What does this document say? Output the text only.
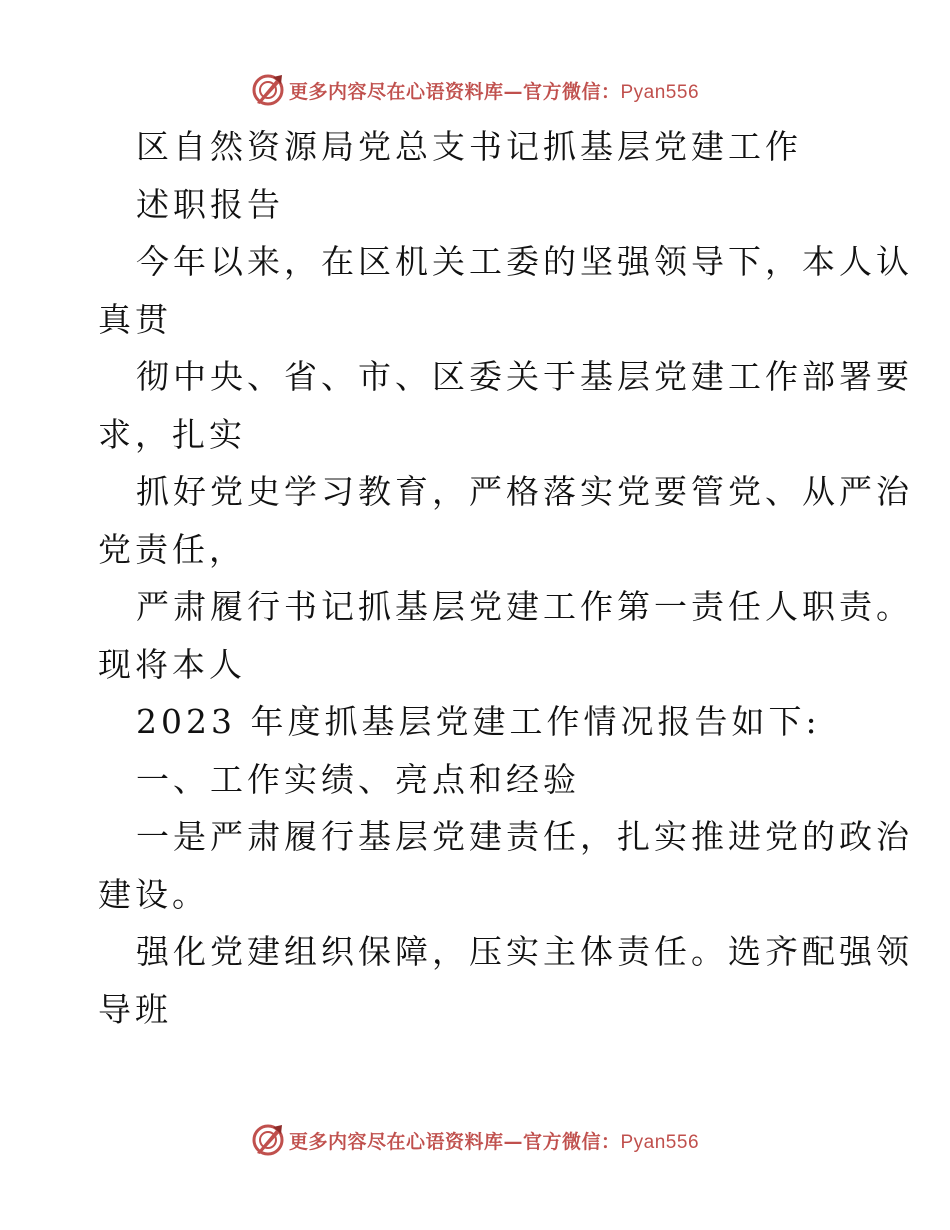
更多内容尽在心语资料库—官方微信：Pyan556
区自然资源局党总支书记抓基层党建工作
述职报告
今年以来，在区机关工委的坚强领导下，本人认
真贯
彻中央、省、市、区委关于基层党建工作部署要
求，扎实
抓好党史学习教育，严格落实党要管党、从严治
党责任，
严肃履行书记抓基层党建工作第一责任人职责。
现将本人
2023 年度抓基层党建工作情况报告如下:
一、工作实绩、亮点和经验
一是严肃履行基层党建责任，扎实推进党的政治
建设。
强化党建组织保障，压实主体责任。选齐配强领
导班
更多内容尽在心语资料库—官方微信：Pyan556
